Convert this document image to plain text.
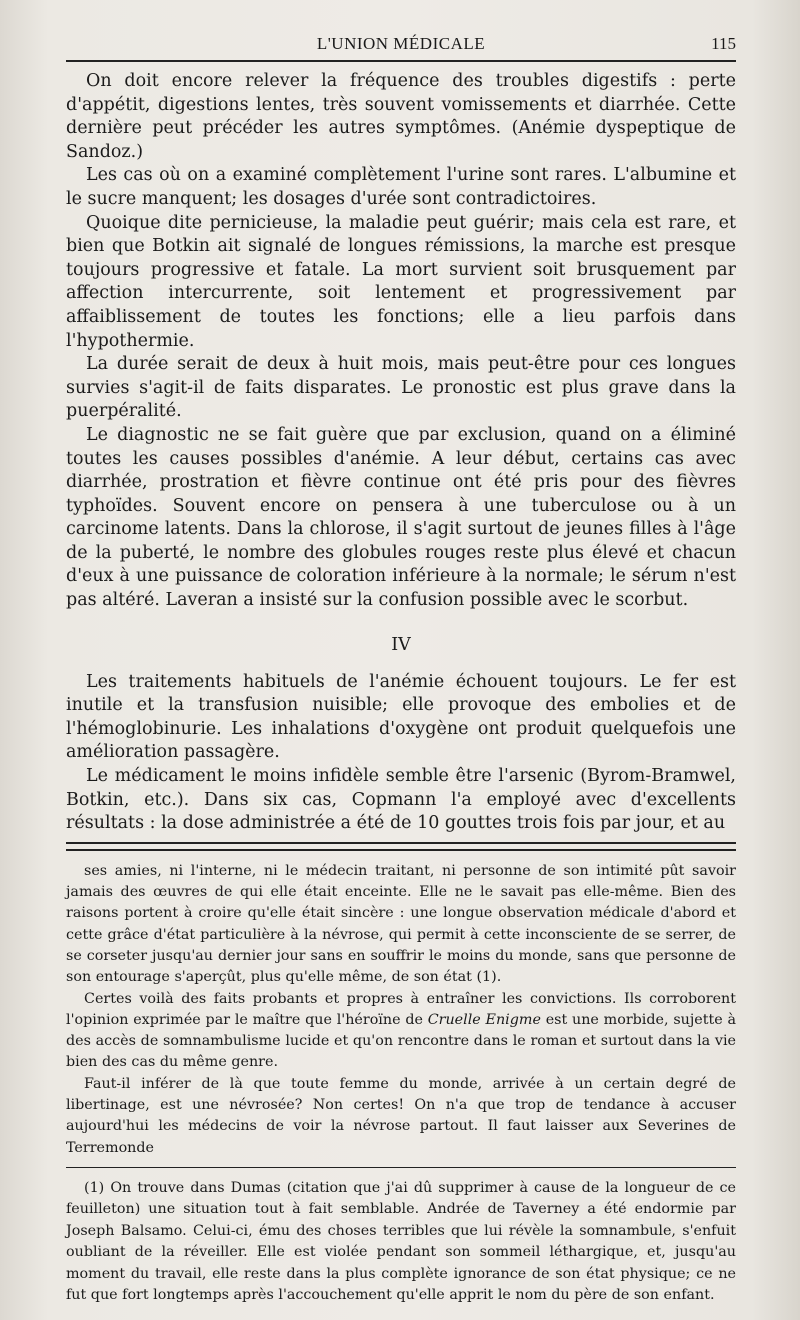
L'UNION MÉDICALE	115

On doit encore relever la fréquence des troubles digestifs : perte d'appétit, digestions lentes, très souvent vomissements et diarrhée. Cette dernière peut précéder les autres symptômes. (Anémie dyspeptique de Sandoz.)

Les cas où on a examiné complètement l'urine sont rares. L'albumine et le sucre manquent; les dosages d'urée sont contradictoires.

Quoique dite pernicieuse, la maladie peut guérir; mais cela est rare, et bien que Botkin ait signalé de longues rémissions, la marche est presque toujours progressive et fatale. La mort survient soit brusquement par affection intercurrente, soit lentement et progressivement par affaiblissement de toutes les fonctions; elle a lieu parfois dans l'hypothermie.

La durée serait de deux à huit mois, mais peut-être pour ces longues survies s'agit-il de faits disparates. Le pronostic est plus grave dans la puerpéralité.

Le diagnostic ne se fait guère que par exclusion, quand on a éliminé toutes les causes possibles d'anémie. A leur début, certains cas avec diarrhée, prostration et fièvre continue ont été pris pour des fièvres typhoïdes. Souvent encore on pensera à une tuberculose ou à un carcinome latents. Dans la chlorose, il s'agit surtout de jeunes filles à l'âge de la puberté, le nombre des globules rouges reste plus élevé et chacun d'eux à une puissance de coloration inférieure à la normale; le sérum n'est pas altéré. Laveran a insisté sur la confusion possible avec le scorbut.

IV

Les traitements habituels de l'anémie échouent toujours. Le fer est inutile et la transfusion nuisible; elle provoque des embolies et de l'hémoglobinurie. Les inhalations d'oxygène ont produit quelquefois une amélioration passagère.

Le médicament le moins infidèle semble être l'arsenic (Byrom-Bramwel, Botkin, etc.). Dans six cas, Copmann l'a employé avec d'excellents résultats : la dose administrée a été de 10 gouttes trois fois par jour, et au

ses amies, ni l'interne, ni le médecin traitant, ni personne de son intimité pût savoir jamais des œuvres de qui elle était enceinte. Elle ne le savait pas elle-même. Bien des raisons portent à croire qu'elle était sincère : une longue observation médicale d'abord et cette grâce d'état particulière à la névrose, qui permit à cette inconsciente de se serrer, de se corseter jusqu'au dernier jour sans en souffrir le moins du monde, sans que personne de son entourage s'aperçût, plus qu'elle même, de son état (1).

Certes voilà des faits probants et propres à entraîner les convictions. Ils corroborent l'opinion exprimée par le maître que l'héroïne de Cruelle Enigme est une morbide, sujette à des accès de somnambulisme lucide et qu'on rencontre dans le roman et surtout dans la vie bien des cas du même genre.

Faut-il inférer de là que toute femme du monde, arrivée à un certain degré de libertinage, est une névrosée? Non certes! On n'a que trop de tendance à accuser aujourd'hui les médecins de voir la névrose partout. Il faut laisser aux Severines de Terremonde

(1) On trouve dans Dumas (citation que j'ai dû supprimer à cause de la longueur de ce feuilleton) une situation tout à fait semblable. Andrée de Taverney a été endormie par Joseph Balsamo. Celui-ci, ému des choses terribles que lui révèle la somnambule, s'enfuit oubliant de la réveiller. Elle est violée pendant son sommeil léthargique, et, jusqu'au moment du travail, elle reste dans la plus complète ignorance de son état physique; ce ne fut que fort longtemps après l'accouchement qu'elle apprit le nom du père de son enfant.
